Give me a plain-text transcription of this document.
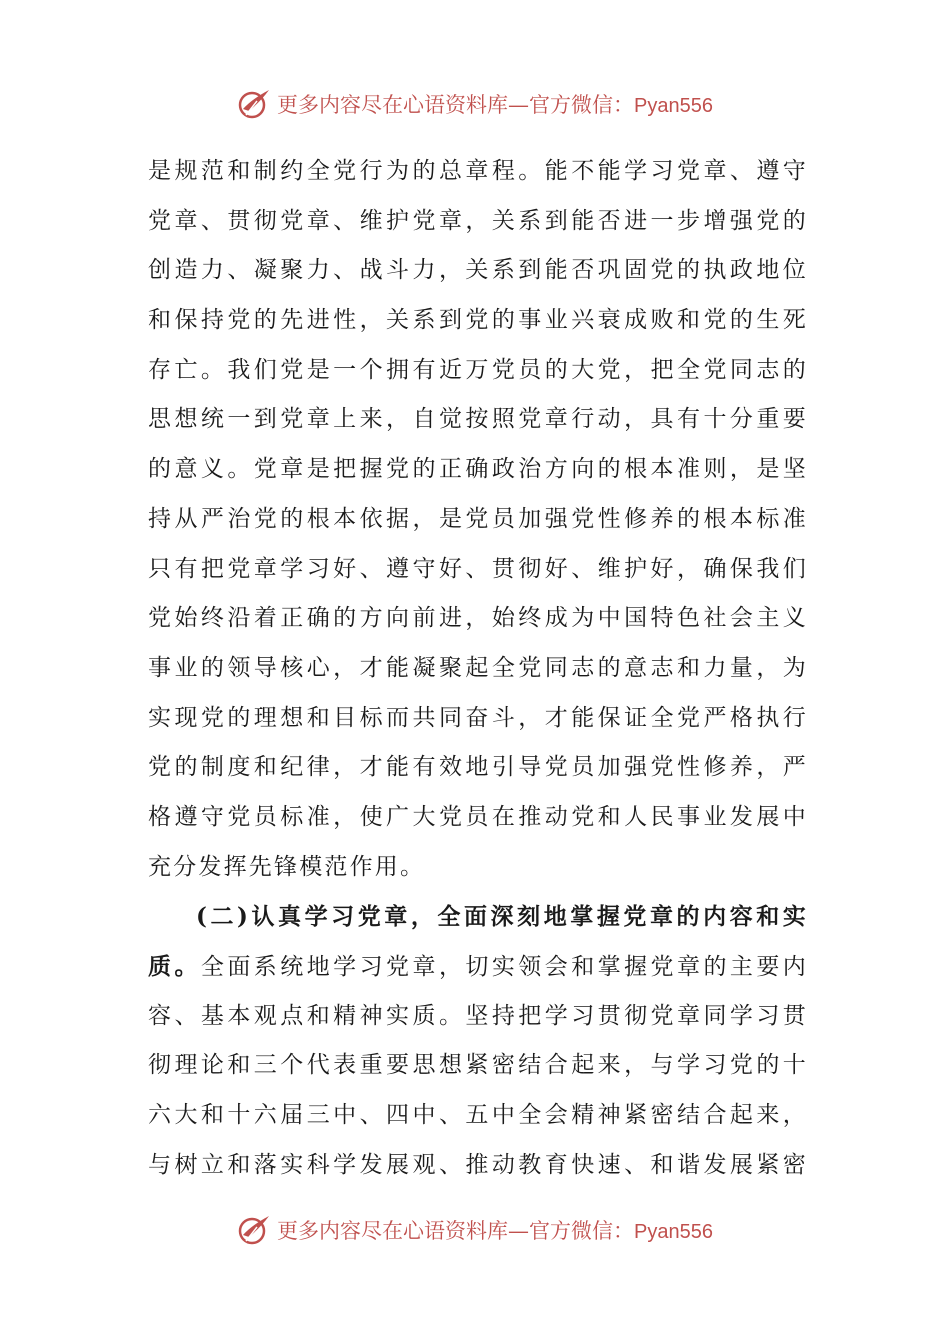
更多内容尽在心语资料库—官方微信：Pyan556
是规范和制约全党行为的总章程。能不能学习党章、遵守
党章、贯彻党章、维护党章，关系到能否进一步增强党的
创造力、凝聚力、战斗力，关系到能否巩固党的执政地位
和保持党的先进性，关系到党的事业兴衰成败和党的生死
存亡。我们党是一个拥有近万党员的大党，把全党同志的
思想统一到党章上来，自觉按照党章行动，具有十分重要
的意义。党章是把握党的正确政治方向的根本准则，是坚
持从严治党的根本依据，是党员加强党性修养的根本标准
只有把党章学习好、遵守好、贯彻好、维护好，确保我们
党始终沿着正确的方向前进，始终成为中国特色社会主义
事业的领导核心，才能凝聚起全党同志的意志和力量，为
实现党的理想和目标而共同奋斗，才能保证全党严格执行
党的制度和纪律，才能有效地引导党员加强党性修养，严
格遵守党员标准，使广大党员在推动党和人民事业发展中
充分发挥先锋模范作用。
(二)认真学习党章，全面深刻地掌握党章的内容和实
质。全面系统地学习党章，切实领会和掌握党章的主要内
容、基本观点和精神实质。坚持把学习贯彻党章同学习贯
彻理论和三个代表重要思想紧密结合起来，与学习党的十
六大和十六届三中、四中、五中全会精神紧密结合起来，
与树立和落实科学发展观、推动教育快速、和谐发展紧密
更多内容尽在心语资料库—官方微信：Pyan556
